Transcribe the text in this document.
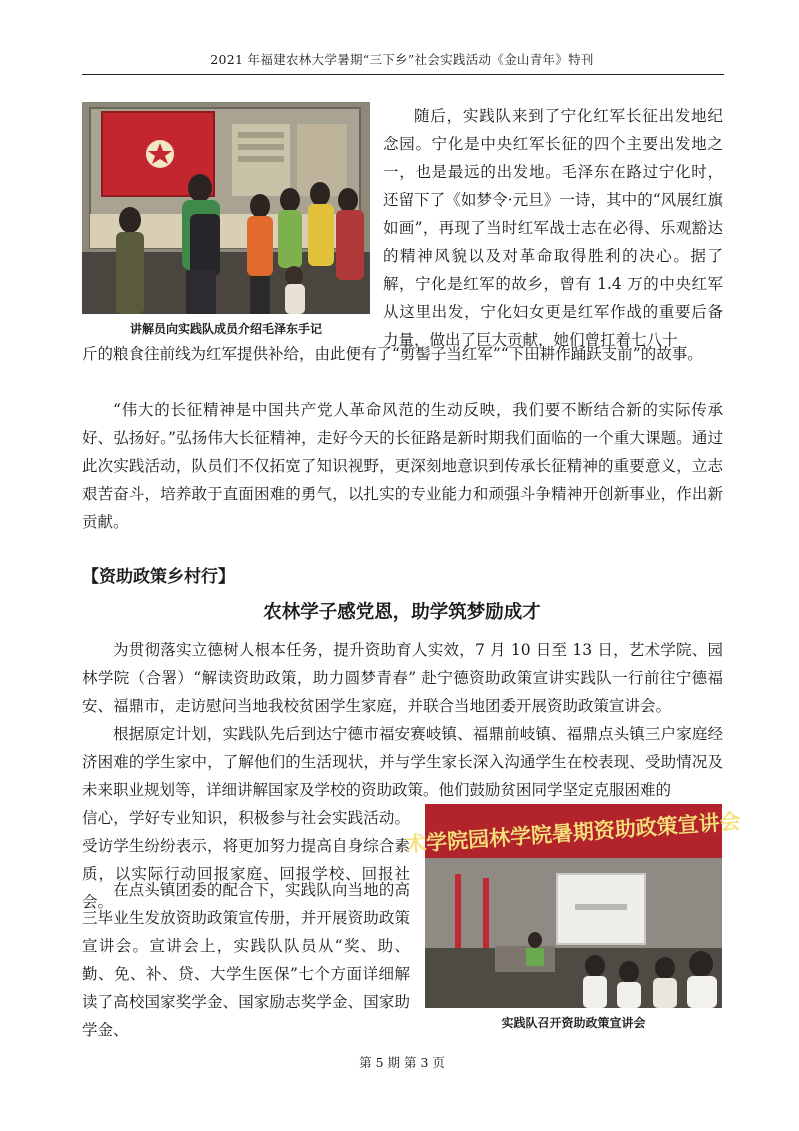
2021 年福建农林大学暑期“三下乡”社会实践活动《金山青年》特刊

讲解员向实践队成员介绍毛泽东手记

随后，实践队来到了宁化红军长征出发地纪念园。宁化是中央红军长征的四个主要出发地之一，也是最远的出发地。毛泽东在路过宁化时，还留下了《如梦令·元旦》一诗，其中的“风展红旗如画”，再现了当时红军战士志在必得、乐观豁达的精神风貌以及对革命取得胜利的决心。据了解，宁化是红军的故乡，曾有 1.4 万的中央红军从这里出发，宁化妇女更是红军作战的重要后备力量，做出了巨大贡献，她们曾扛着七八十

斤的粮食往前线为红军提供补给，由此便有了“剪髻子当红军”“下田耕作踊跃支前”的故事。

“伟大的长征精神是中国共产党人革命风范的生动反映，我们要不断结合新的实际传承好、弘扬好。”弘扬伟大长征精神，走好今天的长征路是新时期我们面临的一个重大课题。通过此次实践活动，队员们不仅拓宽了知识视野，更深刻地意识到传承长征精神的重要意义，立志艰苦奋斗，培养敢于直面困难的勇气，以扎实的专业能力和顽强斗争精神开创新事业，作出新贡献。

【资助政策乡村行】
农林学子感党恩，助学筑梦励成才

为贯彻落实立德树人根本任务，提升资助育人实效，7 月 10 日至 13 日，艺术学院、园林学院（合署）“解读资助政策，助力圆梦青春” 赴宁德资助政策宣讲实践队一行前往宁德福安、福鼎市，走访慰问当地我校贫困学生家庭，并联合当地团委开展资助政策宣讲会。

根据原定计划，实践队先后到达宁德市福安赛岐镇、福鼎前岐镇、福鼎点头镇三户家庭经济困难的学生家中，了解他们的生活现状，并与学生家长深入沟通学生在校表现、受助情况及未来职业规划等，详细讲解国家及学校的资助政策。他们鼓励贫困同学坚定克服困难的

信心，学好专业知识，积极参与社会实践活动。受访学生纷纷表示，将更加努力提高自身综合素质，以实际行动回报家庭、回报学校、回报社会。

在点头镇团委的配合下，实践队向当地的高三毕业生发放资助政策宣传册，并开展资助政策宣讲会。宣讲会上，实践队队员从“奖、助、勤、免、补、贷、大学生医保”七个方面详细解读了高校国家奖学金、国家励志奖学金、国家助学金、

术学院园林学院暑期资助政策宣讲会

实践队召开资助政策宣讲会

第 5 期 第 3 页
